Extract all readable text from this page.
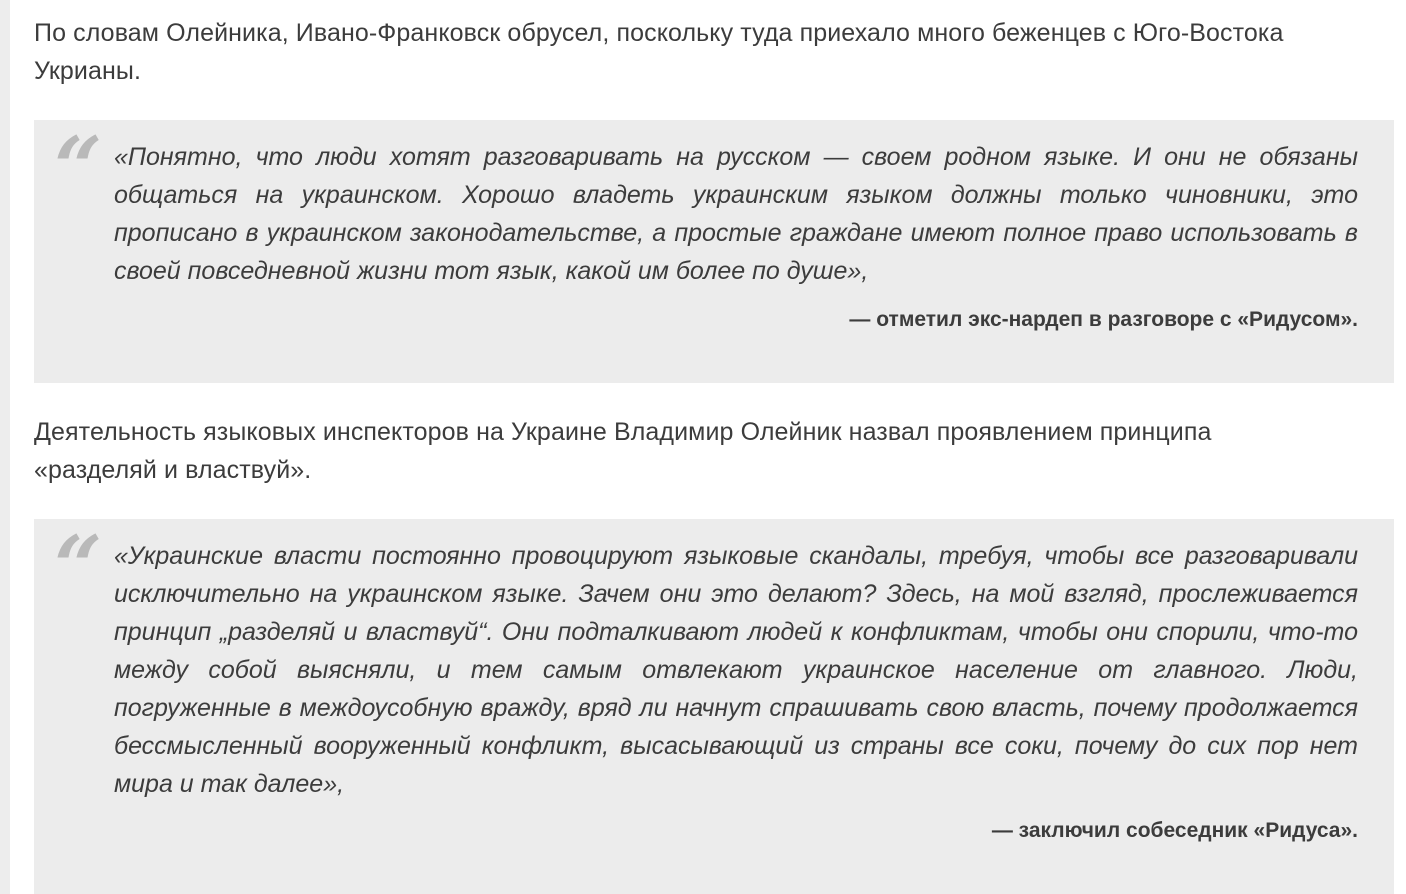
По словам Олейника, Ивано-Франковск обрусел, поскольку туда приехало много беженцев с Юго-Востока Укрианы.

“ «Понятно, что люди хотят разговаривать на русском — своем родном языке. И они не обязаны общаться на украинском. Хорошо владеть украинским языком должны только чиновники, это прописано в украинском законодательстве, а простые граждане имеют полное право использовать в своей повседневной жизни тот язык, какой им более по душе»,

— отметил экс-нардеп в разговоре с «Ридусом».

Деятельность языковых инспекторов на Украине Владимир Олейник назвал проявлением принципа «разделяй и властвуй».

“ «Украинские власти постоянно провоцируют языковые скандалы, требуя, чтобы все разговаривали исключительно на украинском языке. Зачем они это делают? Здесь, на мой взгляд, прослеживается принцип „разделяй и властвуй“. Они подталкивают людей к конфликтам, чтобы они спорили, что-то между собой выясняли, и тем самым отвлекают украинское население от главного. Люди, погруженные в междоусобную вражду, вряд ли начнут спрашивать свою власть, почему продолжается бессмысленный вооруженный конфликт, высасывающий из страны все соки, почему до сих пор нет мира и так далее»,

— заключил собеседник «Ридуса».
